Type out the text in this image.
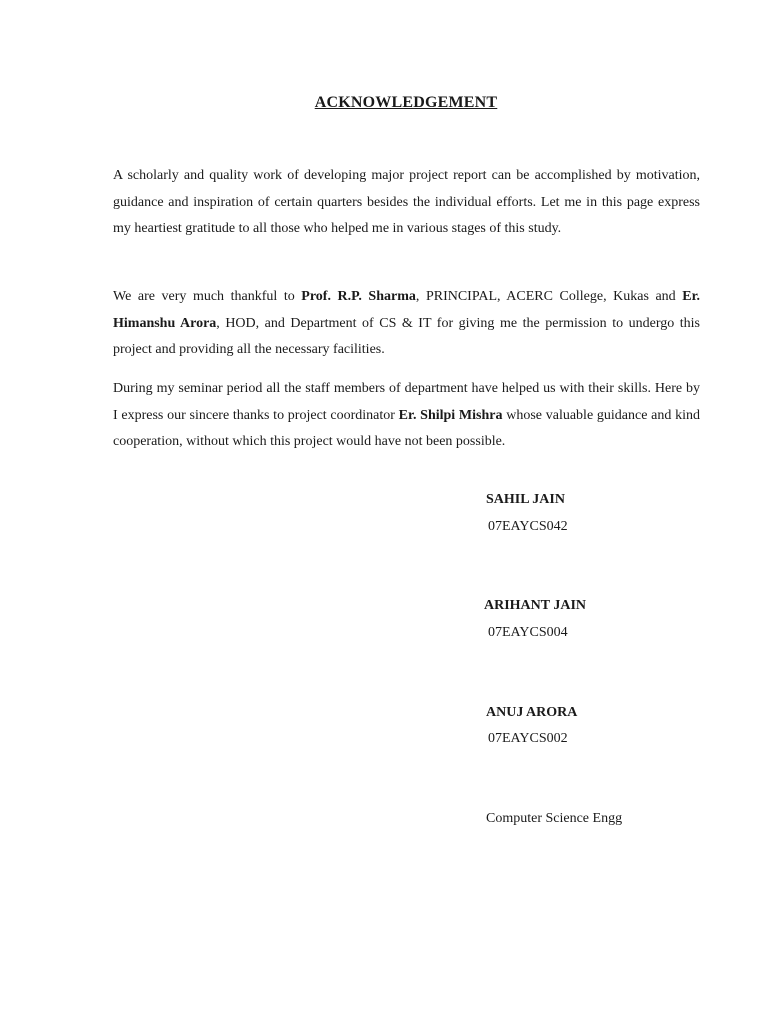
ACKNOWLEDGEMENT

A scholarly and quality work of developing major project report can be accomplished by motivation, guidance and inspiration of certain quarters besides the individual efforts. Let me in this page express my heartiest gratitude to all those who helped me in various stages of this study.

We are very much thankful to Prof. R.P. Sharma, PRINCIPAL, ACERC College, Kukas and Er. Himanshu Arora, HOD, and Department of CS & IT for giving me the permission to undergo this project and providing all the necessary facilities.

During my seminar period all the staff members of department have helped us with their skills. Here by I express our sincere thanks to project coordinator Er. Shilpi Mishra whose valuable guidance and kind cooperation, without which this project would have not been possible.

SAHIL JAIN
07EAYCS042
ARIHANT JAIN
07EAYCS004
ANUJ ARORA
07EAYCS002
Computer Science Engg
